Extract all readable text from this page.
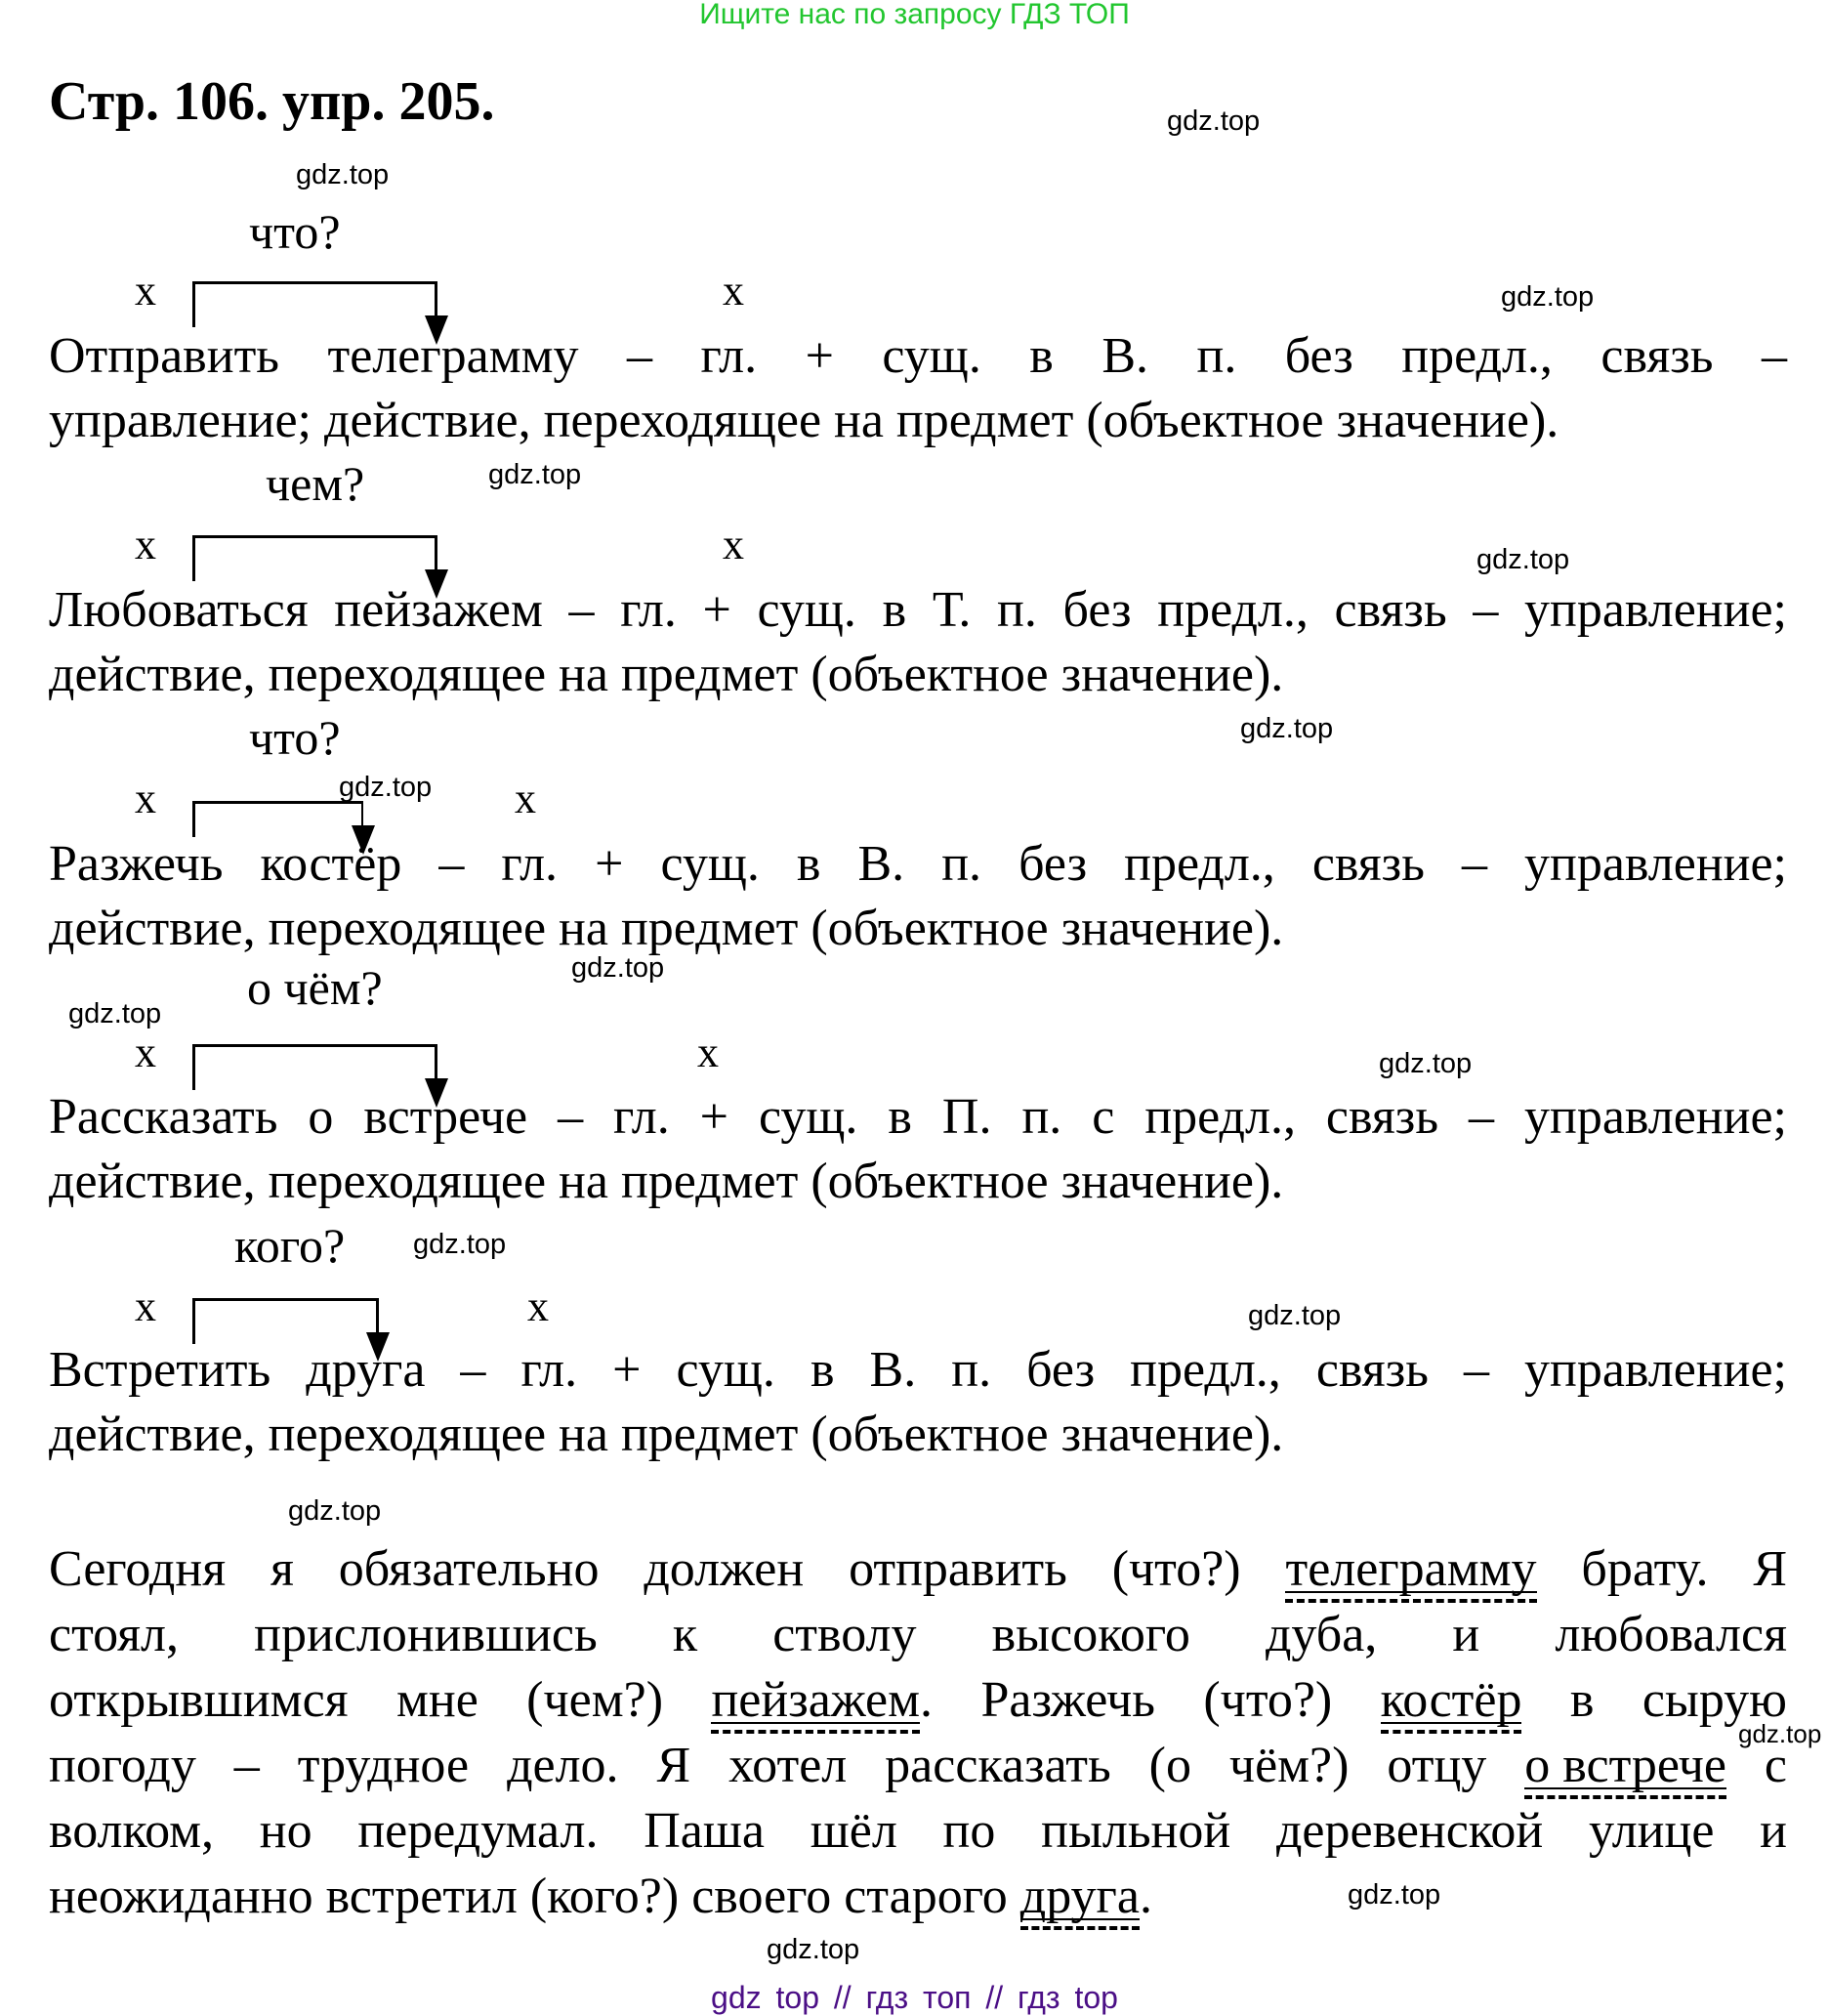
Ищите нас по запросу ГДЗ ТОП
Стр. 106. упр. 205.	gdz.top
gdz.top
что?
x	x	gdz.top
Отправить телеграмму – гл. + сущ. в В. п. без предл., связь –
управление; действие, переходящее на предмет (объектное значение).
чем?	gdz.top
x	x	gdz.top
Любоваться пейзажем – гл. + сущ. в Т. п. без предл., связь – управление;
действие, переходящее на предмет (объектное значение).
что?	gdz.top
x	gdz.top x
Разжечь костёр – гл. + сущ. в В. п. без предл., связь – управление;
действие, переходящее на предмет (объектное значение).
gdz.top
о чём?
gdz.top
x	x	gdz.top
Рассказать о встрече – гл. + сущ. в П. п. с предл., связь – управление;
действие, переходящее на предмет (объектное значение).
кого? gdz.top
x	x	gdz.top
Встретить друга – гл. + сущ. в В. п. без предл., связь – управление;
действие, переходящее на предмет (объектное значение).
gdz.top
Сегодня я обязательно должен отправить (что?) телеграмму брату. Я
стоял, прислонившись к стволу высокого дуба, и любовался
открывшимся мне (чем?) пейзажем. Разжечь (что?) костёр в сырую
погоду – трудное дело. Я хотел рассказать (о чём?) отцу о встрече с
волком, но передумал. Паша шёл по пыльной деревенской улице и
неожиданно встретил (кого?) своего старого друга.
gdz.top
gdz.top
gdz.top
gdz top // гдз топ // гдз top
